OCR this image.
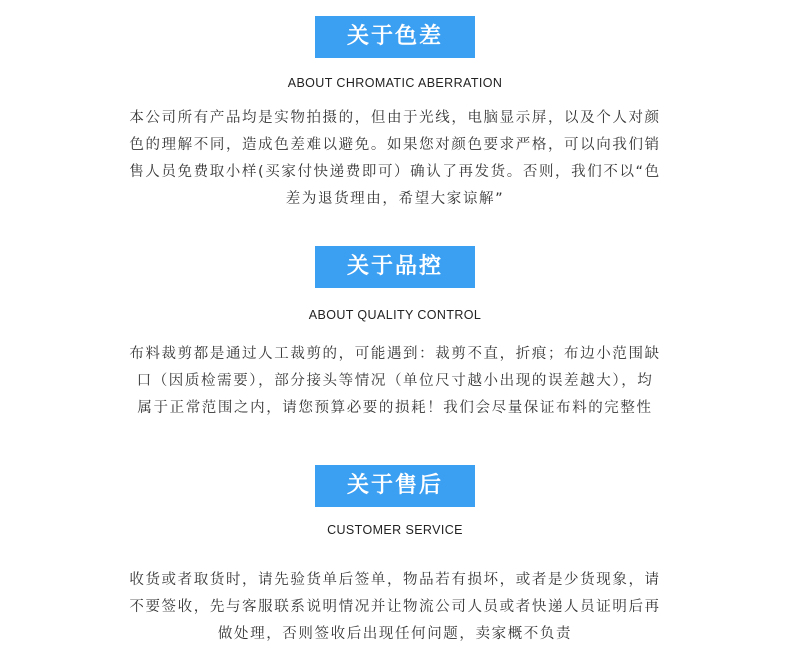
关于色差
ABOUT CHROMATIC ABERRATION
本公司所有产品均是实物拍摄的，但由于光线，电脑显示屏，以及个人对颜
色的理解不同，造成色差难以避免。如果您对颜色要求严格，可以向我们销
售人员免费取小样(买家付快递费即可）确认了再发货。否则，我们不以“色
差为退货理由，希望大家谅解”
关于品控
ABOUT QUALITY CONTROL
布料裁剪都是通过人工裁剪的，可能遇到：裁剪不直，折痕；布边小范围缺
口（因质检需要），部分接头等情况（单位尺寸越小出现的误差越大），均
属于正常范围之内，请您预算必要的损耗！我们会尽量保证布料的完整性
关于售后
CUSTOMER SERVICE
收货或者取货时，请先验货单后签单，物品若有损坏，或者是少货现象，请
不要签收，先与客服联系说明情况并让物流公司人员或者快递人员证明后再
做处理，否则签收后出现任何问题，卖家概不负责
